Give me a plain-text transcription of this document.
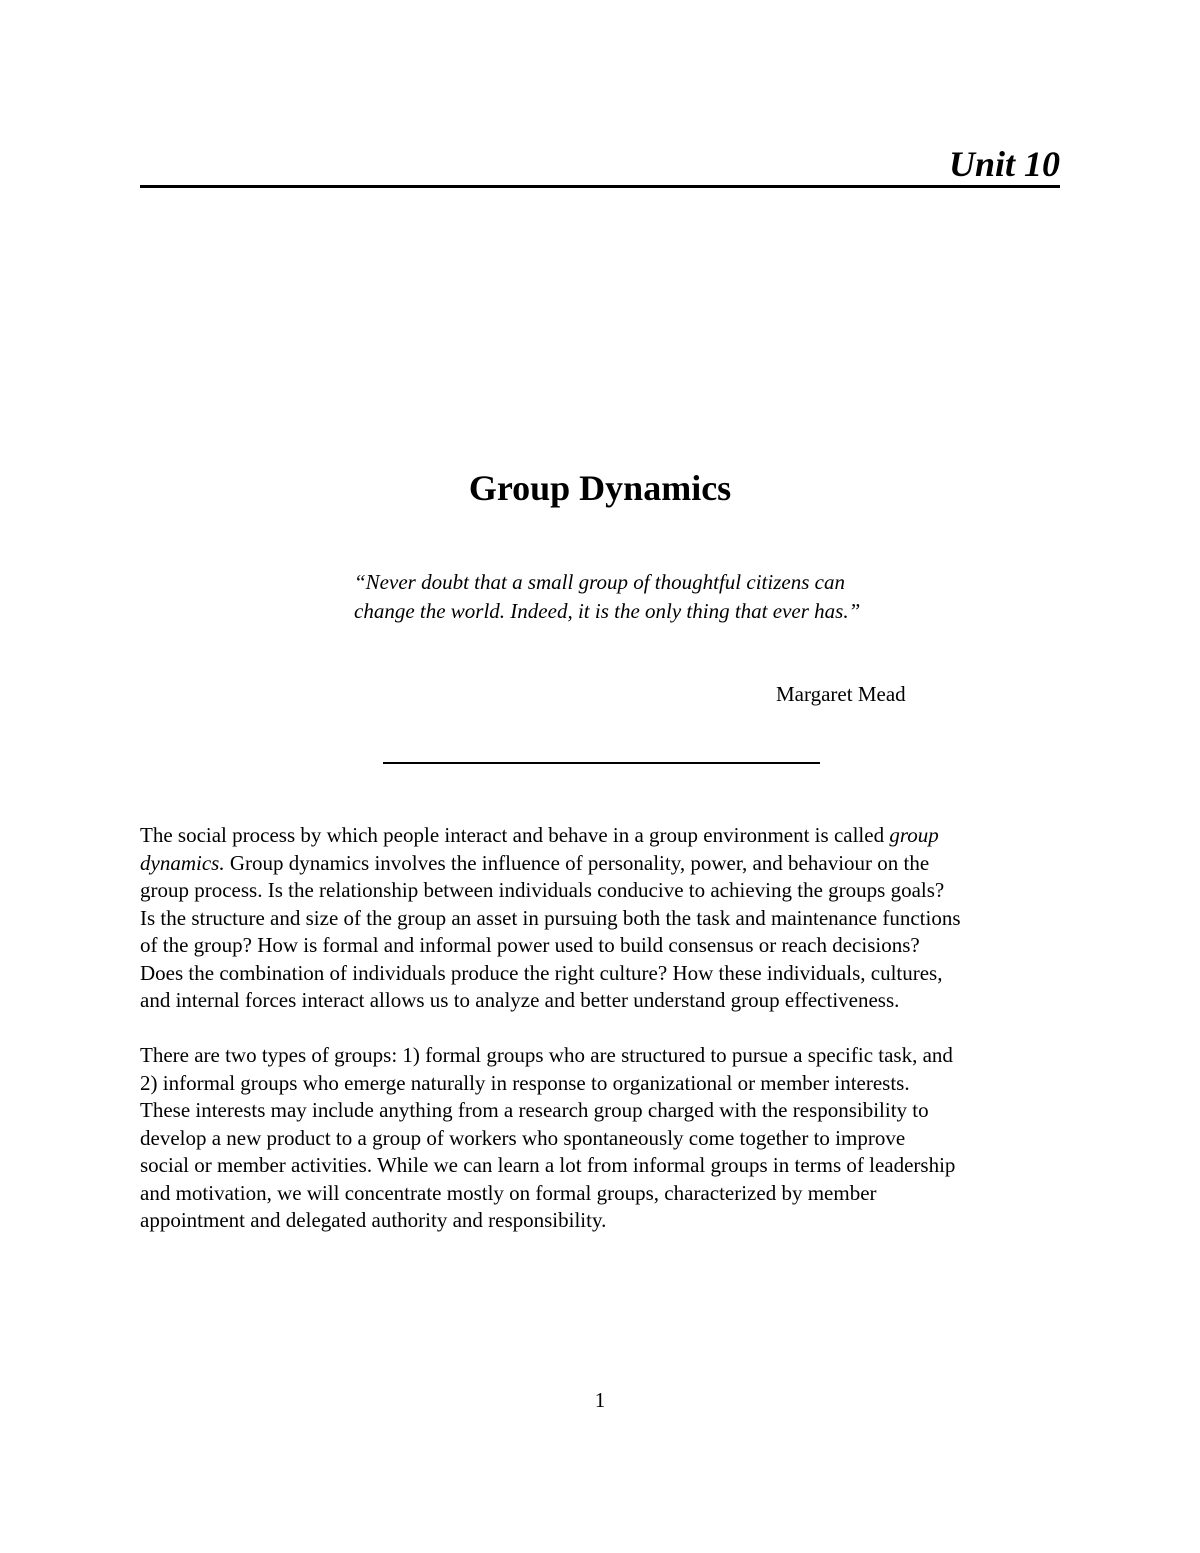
Unit 10
Group Dynamics
“Never doubt that a small group of thoughtful citizens can
change the world. Indeed, it is the only thing that ever has.”
Margaret Mead
The social process by which people interact and behave in a group environment is called group
dynamics. Group dynamics involves the influence of personality, power, and behaviour on the
group process. Is the relationship between individuals conducive to achieving the groups goals?
Is the structure and size of the group an asset in pursuing both the task and maintenance functions
of the group? How is formal and informal power used to build consensus or reach decisions?
Does the combination of individuals produce the right culture? How these individuals, cultures,
and internal forces interact allows us to analyze and better understand group effectiveness.
There are two types of groups: 1) formal groups who are structured to pursue a specific task, and
2) informal groups who emerge naturally in response to organizational or member interests.
These interests may include anything from a research group charged with the responsibility to
develop a new product to a group of workers who spontaneously come together to improve
social or member activities. While we can learn a lot from informal groups in terms of leadership
and motivation, we will concentrate mostly on formal groups, characterized by member
appointment and delegated authority and responsibility.
1
